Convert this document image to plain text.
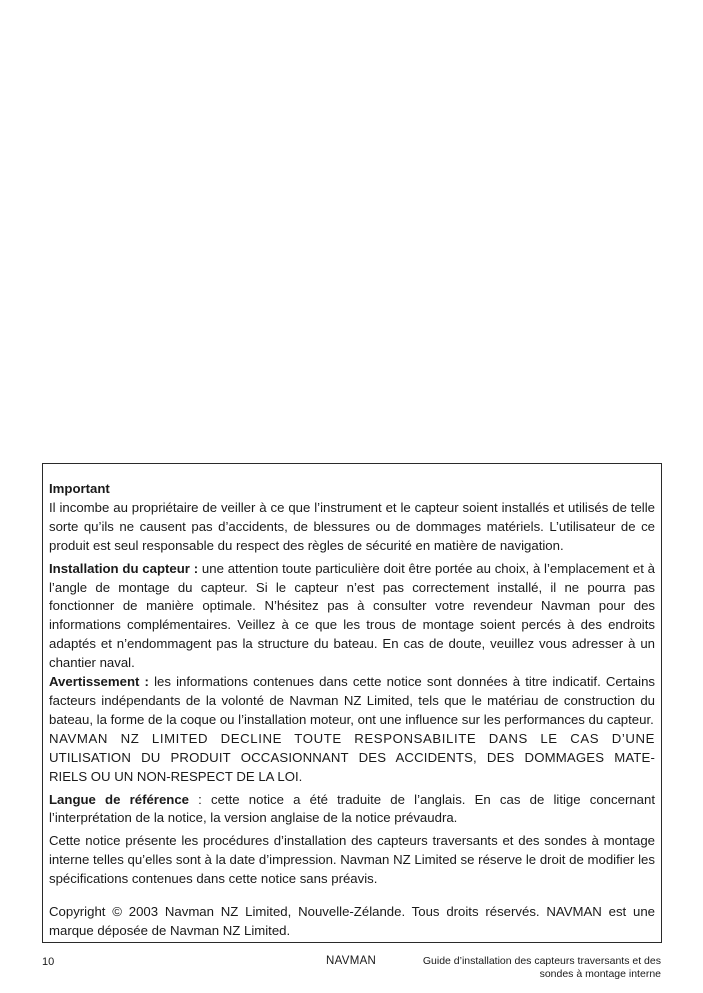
Important
Il incombe au propriétaire de veiller à ce que l’instrument et le capteur soient installés et utilisés de telle sorte qu’ils ne causent pas d’accidents, de blessures ou de dommages matériels. L’utilisateur de ce produit est seul responsable du respect des règles de sécurité en matière de navigation.

Installation du capteur : une attention toute particulière doit être portée au choix, à l’emplacement et à l’angle de montage du capteur. Si le capteur n’est pas correctement installé, il ne pourra pas fonctionner de manière optimale. N’hésitez pas à consulter votre revendeur Navman pour des informations complémentaires. Veillez à ce que les trous de montage soient percés à des endroits adaptés et n’endommagent pas la structure du bateau. En cas de doute, veuillez vous adresser à un chantier naval.

Avertissement : les informations contenues dans cette notice sont données à titre indicatif. Certains facteurs indépendants de la volonté de Navman NZ Limited, tels que le matériau de construction du bateau, la forme de la coque ou l’installation moteur, ont une influence sur les performances du capteur.

NAVMAN NZ LIMITED DECLINE TOUTE RESPONSABILITE DANS LE CAS D’UNE
UTILISATION DU PRODUIT OCCASIONNANT DES ACCIDENTS, DES DOMMAGES MATE-
RIELS OU UN NON-RESPECT DE LA LOI.

Langue de référence : cette notice a été traduite de l’anglais. En cas de litige concernant l’interprétation de la notice, la version anglaise de la notice prévaudra.

Cette notice présente les procédures d’installation des capteurs traversants et des sondes à montage interne telles qu’elles sont à la date d’impression. Navman NZ Limited se réserve le droit de modifier les spécifications contenues dans cette notice sans préavis.

Copyright © 2003 Navman NZ Limited, Nouvelle-Zélande. Tous droits réservés. NAVMAN est une marque déposée de Navman NZ Limited.

10	NAVMAN	Guide d’installation des capteurs traversants et des
sondes à montage interne
